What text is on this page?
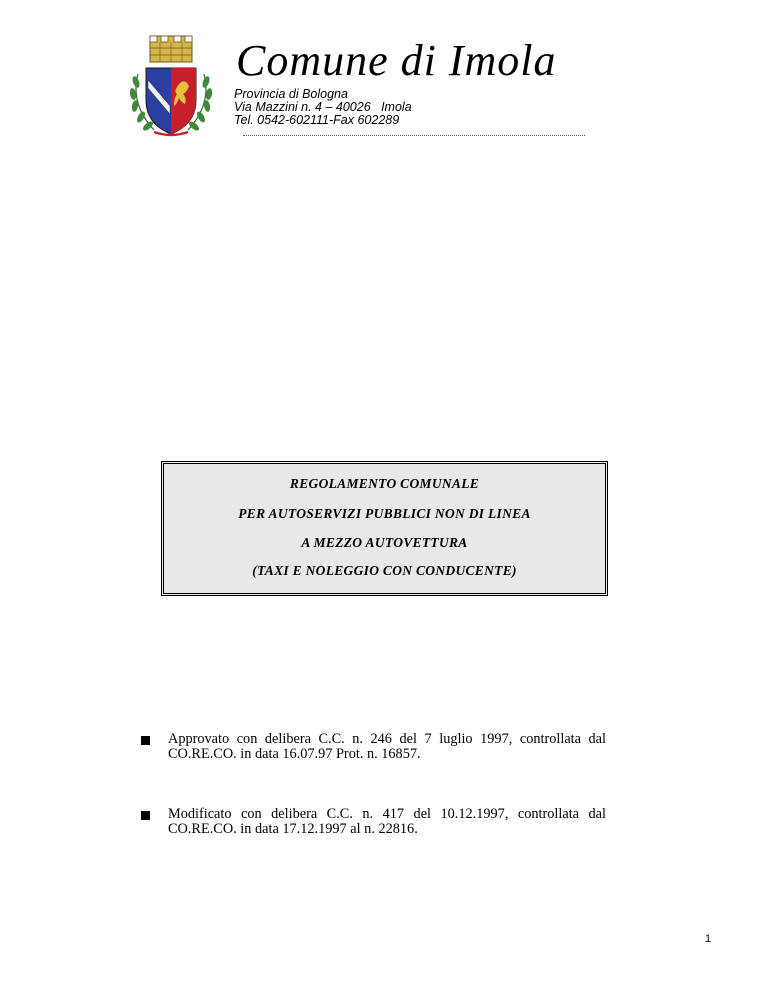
Comune di Imola
Provincia di Bologna
Via Mazzini n. 4 – 40026   Imola
Tel. 0542-602111-Fax 602289
REGOLAMENTO COMUNALE
PER AUTOSERVIZI PUBBLICI NON DI LINEA
A MEZZO AUTOVETTURA
(TAXI E NOLEGGIO CON CONDUCENTE)
Approvato con delibera C.C. n. 246 del 7 luglio 1997, controllata dal CO.RE.CO. in data 16.07.97 Prot. n. 16857.
Modificato con delibera C.C. n. 417 del 10.12.1997, controllata dal CO.RE.CO. in data 17.12.1997 al n. 22816.
1
